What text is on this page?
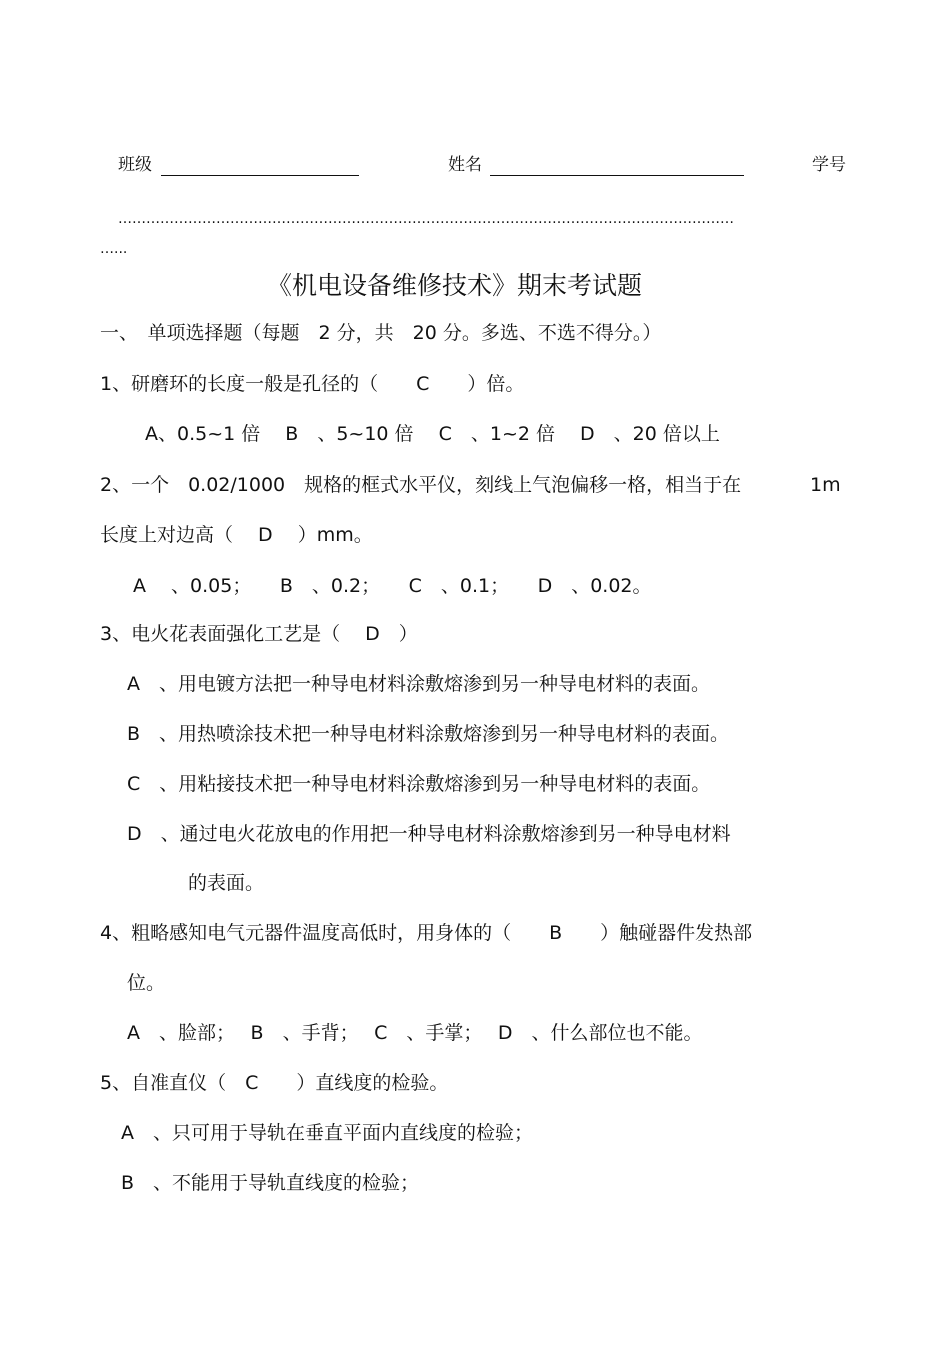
班级	姓名	学号
……………………………………………………………………………………………………………………
…...
《机电设备维修技术》期末考试题
一、　单项选择题（每题　2 分，共　20 分。多选、不选不得分。）
1、研磨环的长度一般是孔径的（　　C　　）倍。
A、0.5~1 倍　 B　、5~10 倍　 C　、1~2 倍　 D　、20 倍以上
2、一个　0.02/1000　规格的框式水平仪，刻线上气泡偏移一格，相当于在	1m
长度上对边高（　 D　 ）mm。
A　 、0.05；　　B　、0.2；　　C　、0.1；　　D　、0.02。
3、电火花表面强化工艺是（　 D　）
A　、用电镀方法把一种导电材料涂敷熔渗到另一种导电材料的表面。
B　、用热喷涂技术把一种导电材料涂敷熔渗到另一种导电材料的表面。
C　、用粘接技术把一种导电材料涂敷熔渗到另一种导电材料的表面。
D　、通过电火花放电的作用把一种导电材料涂敷熔渗到另一种导电材料
的表面。
4、粗略感知电气元器件温度高低时，用身体的（　　B　　）触碰器件发热部
位。
A　、脸部；　 B　、手背；　 C　、手掌；　 D　、什么部位也不能。
5、自准直仪（　C　　）直线度的检验。
A　、只可用于导轨在垂直平面内直线度的检验；
B　、不能用于导轨直线度的检验；
